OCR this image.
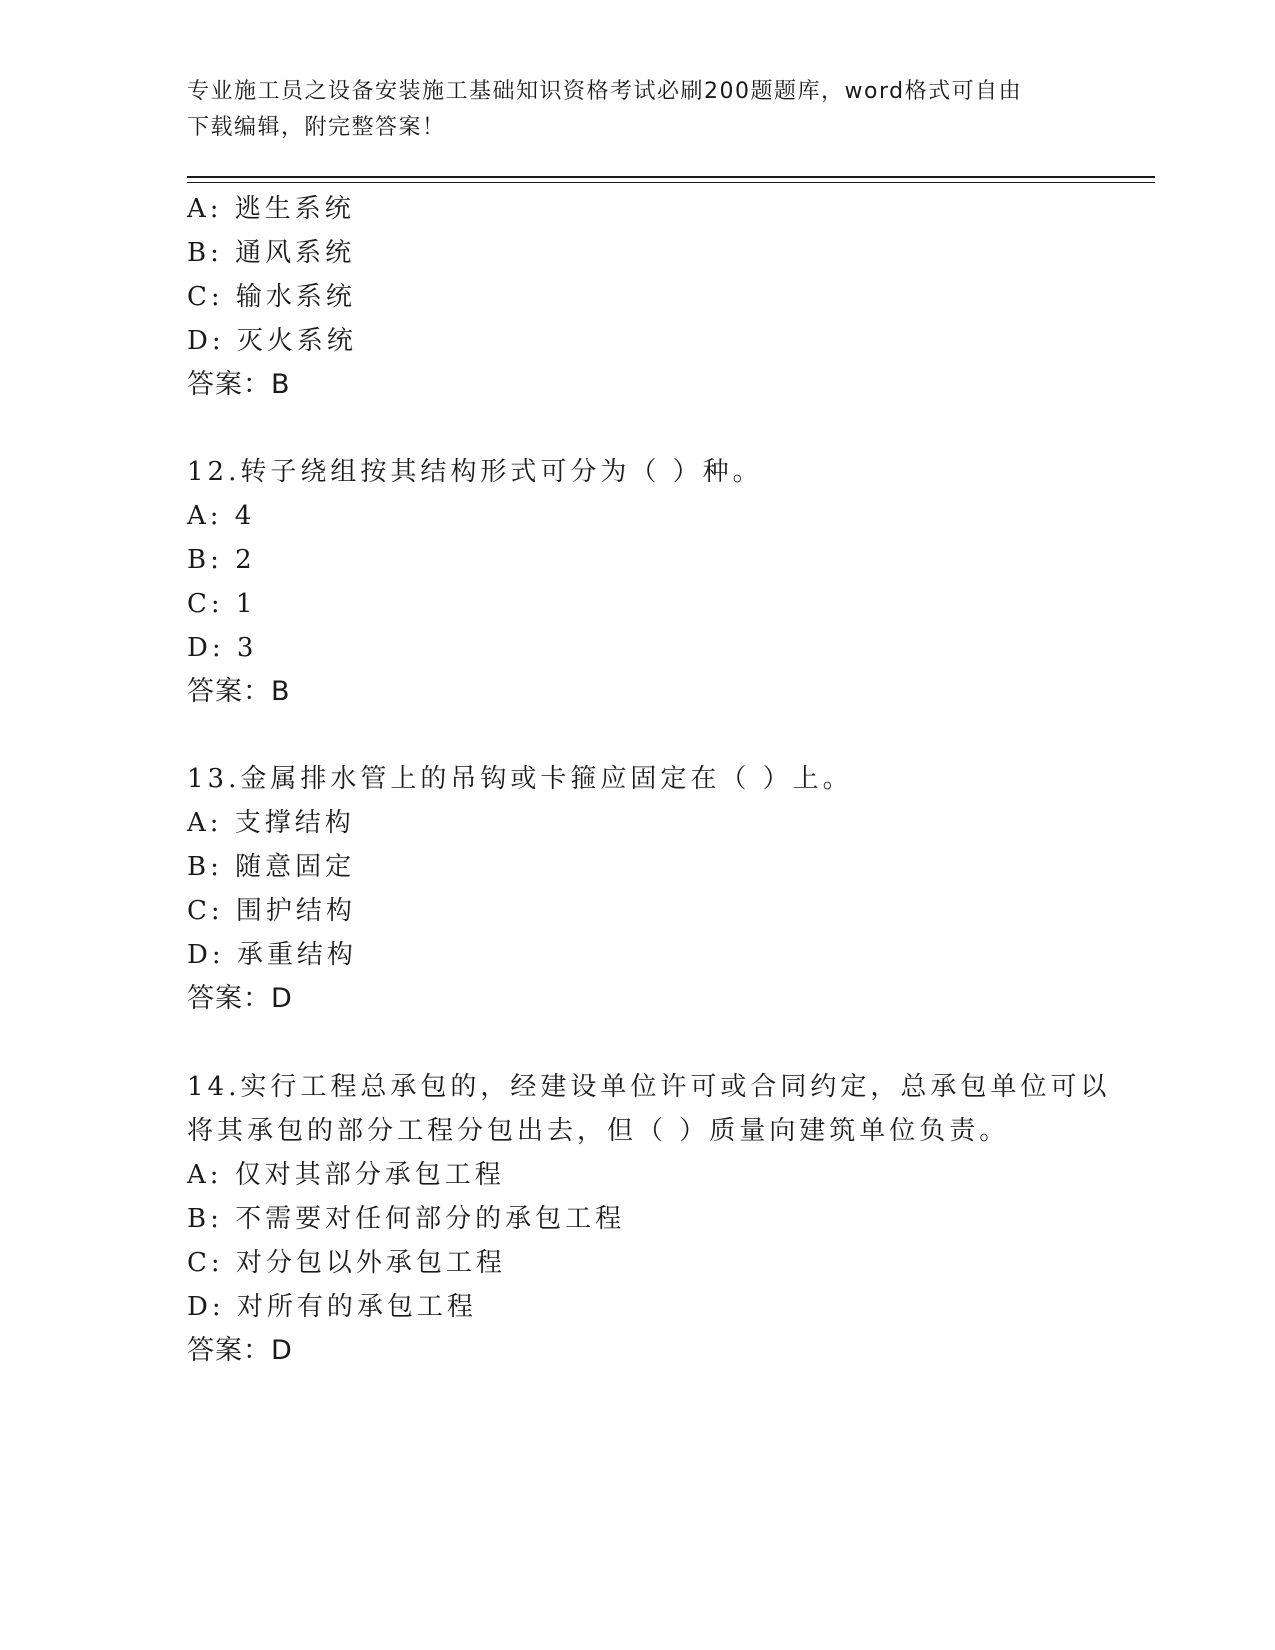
专业施工员之设备安装施工基础知识资格考试必刷200题题库，word格式可自由
下载编辑，附完整答案！
A: 逃生系统
B: 通风系统
C: 输水系统
D: 灭火系统
答案：B
12.转子绕组按其结构形式可分为（ ）种。
A: 4
B: 2
C: 1
D: 3
答案：B
13.金属排水管上的吊钩或卡箍应固定在（ ）上。
A: 支撑结构
B: 随意固定
C: 围护结构
D: 承重结构
答案：D
14.实行工程总承包的，经建设单位许可或合同约定，总承包单位可以
将其承包的部分工程分包出去，但（ ）质量向建筑单位负责。
A: 仅对其部分承包工程
B: 不需要对任何部分的承包工程
C: 对分包以外承包工程
D: 对所有的承包工程
答案：D
